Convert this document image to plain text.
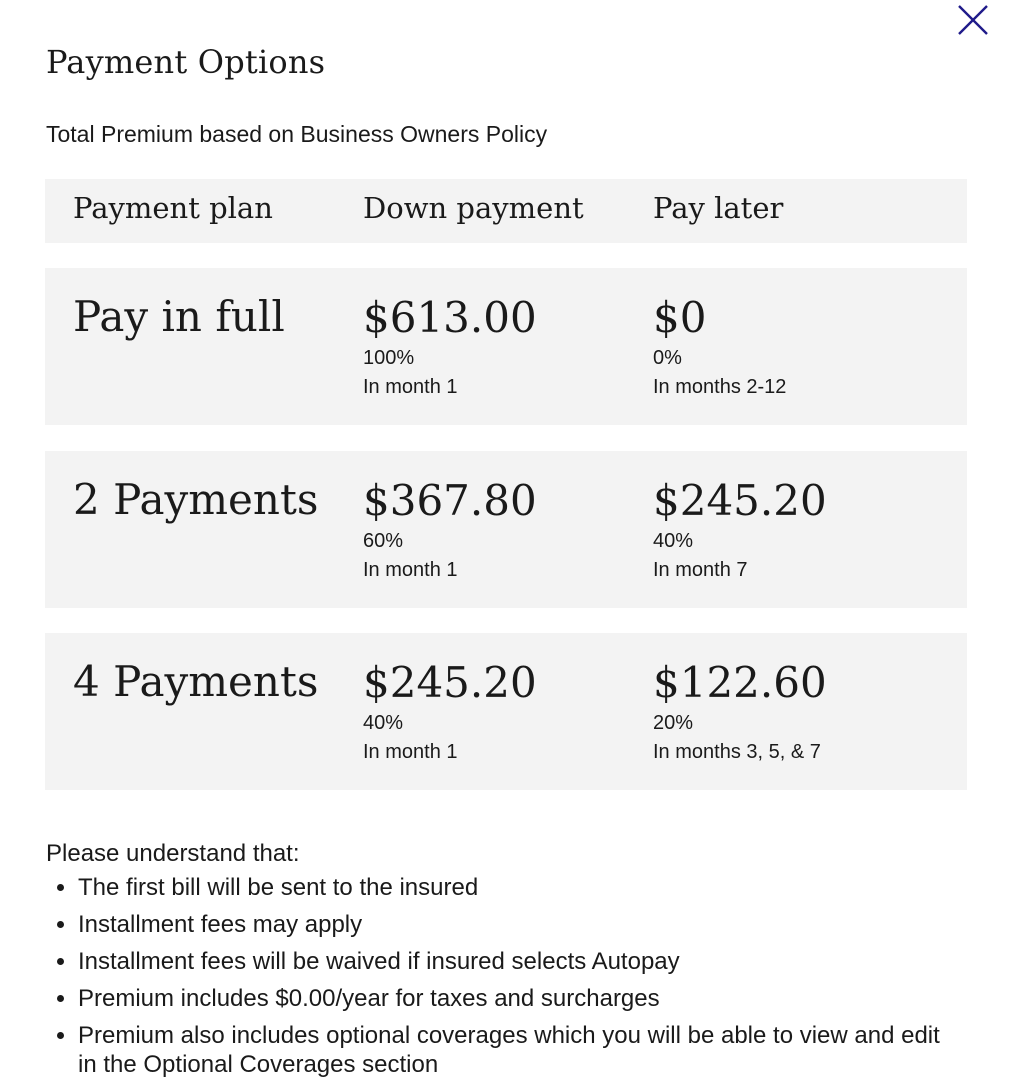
Payment Options
Total Premium based on Business Owners Policy
Payment plan	Down payment Pay later
Pay in full $613.00
100%
In month 1
$0
0%
In months 2-12
2 Payments $367.80
60%
In month 1
$245.20
40%
In month 7
4 Payments $245.20
40%
In month 1
$122.60
20%
In months 3, 5, & 7

Please understand that:

• The first bill will be sent to the insured
• Installment fees may apply
• Installment fees will be waived if insured selects Autopay
• Premium includes $0.00/year for taxes and surcharges
• Premium also includes optional coverages which you will be able to view and edit in the Optional Coverages section
